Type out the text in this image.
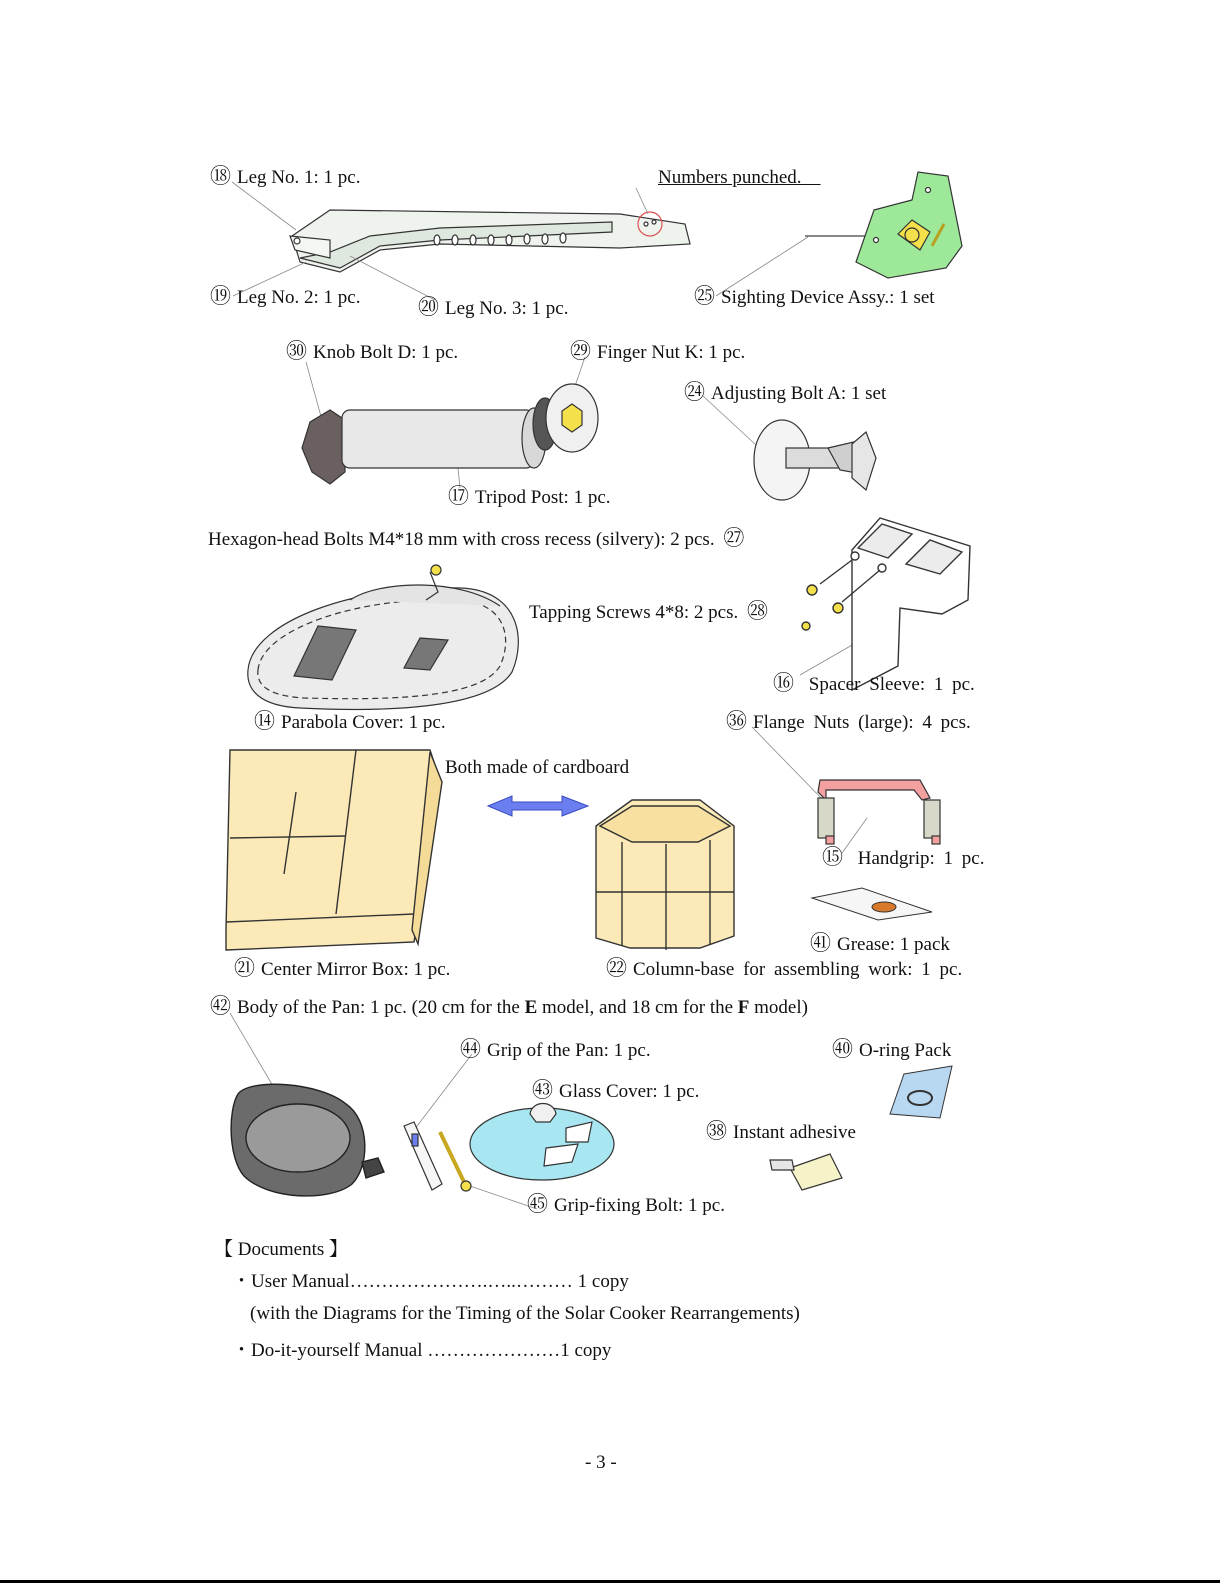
⑱ Leg No. 1: 1 pc.	Numbers punched.
⑲ Leg No. 2: 1 pc.	⑳ Leg No. 3: 1 pc.
㉕ Sighting Device Assy.: 1 set
㉚ Knob Bolt D: 1 pc.	㉙ Finger Nut K: 1 pc.
㉔ Adjusting Bolt A: 1 set
⑰ Tripod Post: 1 pc.
Hexagon-head Bolts M4*18 mm with cross recess (silvery): 2 pcs. ㉗
Tapping Screws 4*8: 2 pcs. ㉘
⑯ Spacer Sleeve: 1 pc.
⑭ Parabola Cover: 1 pc.	㊱ Flange Nuts (large): 4 pcs.
Both made of cardboard
⑮ Handgrip: 1 pc.
㊶ Grease: 1 pack
㉑ Center Mirror Box: 1 pc.	㉒ Column-base for assembling work: 1 pc.
㊷ Body of the Pan: 1 pc. (20 cm for the E model, and 18 cm for the F model)
㊹ Grip of the Pan: 1 pc.	㊵ O-ring Pack
㊸ Glass Cover: 1 pc.
㊳ Instant adhesive
㊺ Grip-fixing Bolt: 1 pc.
【 Documents 】
・User Manual………………….…..……… 1 copy
(with the Diagrams for the Timing of the Solar Cooker Rearrangements)
・Do-it-yourself Manual …………………1 copy
- 3 -
